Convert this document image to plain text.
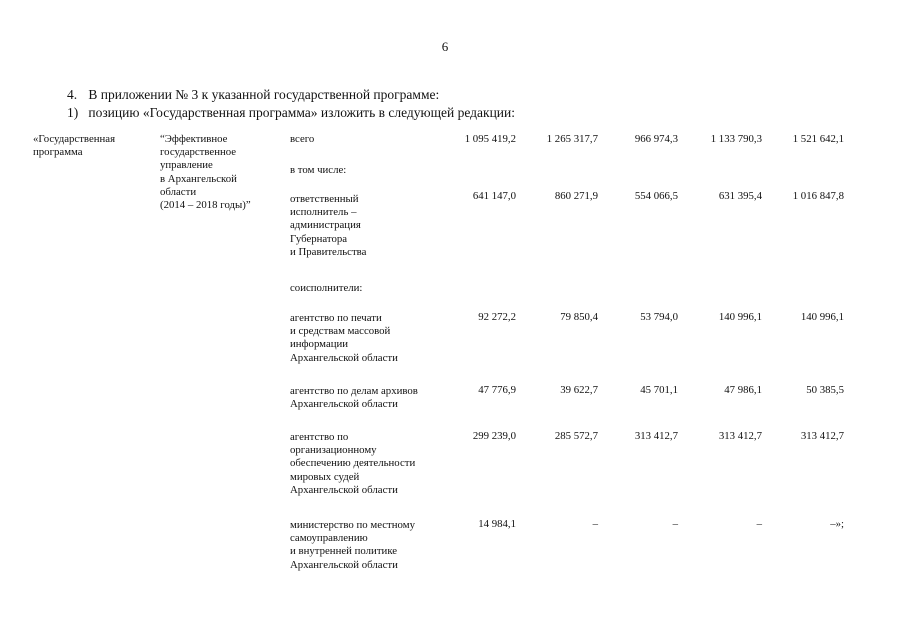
6
4. В приложении № 3 к указанной государственной программе:
1) позицию «Государственная программа» изложить в следующей редакции:
«Государственная
программа
“Эффективное
государственное
управление
в Архангельской
области
(2014 – 2018 годы)”
всего	1 095 419,2	1 265 317,7	966 974,3	1 133 790,3	1 521 642,1
в том числе:
ответственный
исполнитель –
администрация
Губернатора
и Правительства
641 147,0	860 271,9	554 066,5	631 395,4	1 016 847,8
соисполнители:
агентство по печати
и средствам массовой
информации
Архангельской области
92 272,2	79 850,4	53 794,0	140 996,1	140 996,1
агентство по делам архивов
Архангельской области
47 776,9	39 622,7	45 701,1	47 986,1	50 385,5
агентство по
организационному
обеспечению деятельности
мировых судей
Архангельской области
299 239,0	285 572,7	313 412,7	313 412,7	313 412,7
министерство по местному
самоуправлению
и внутренней политике
Архангельской области
14 984,1	–	–	–	–»;
